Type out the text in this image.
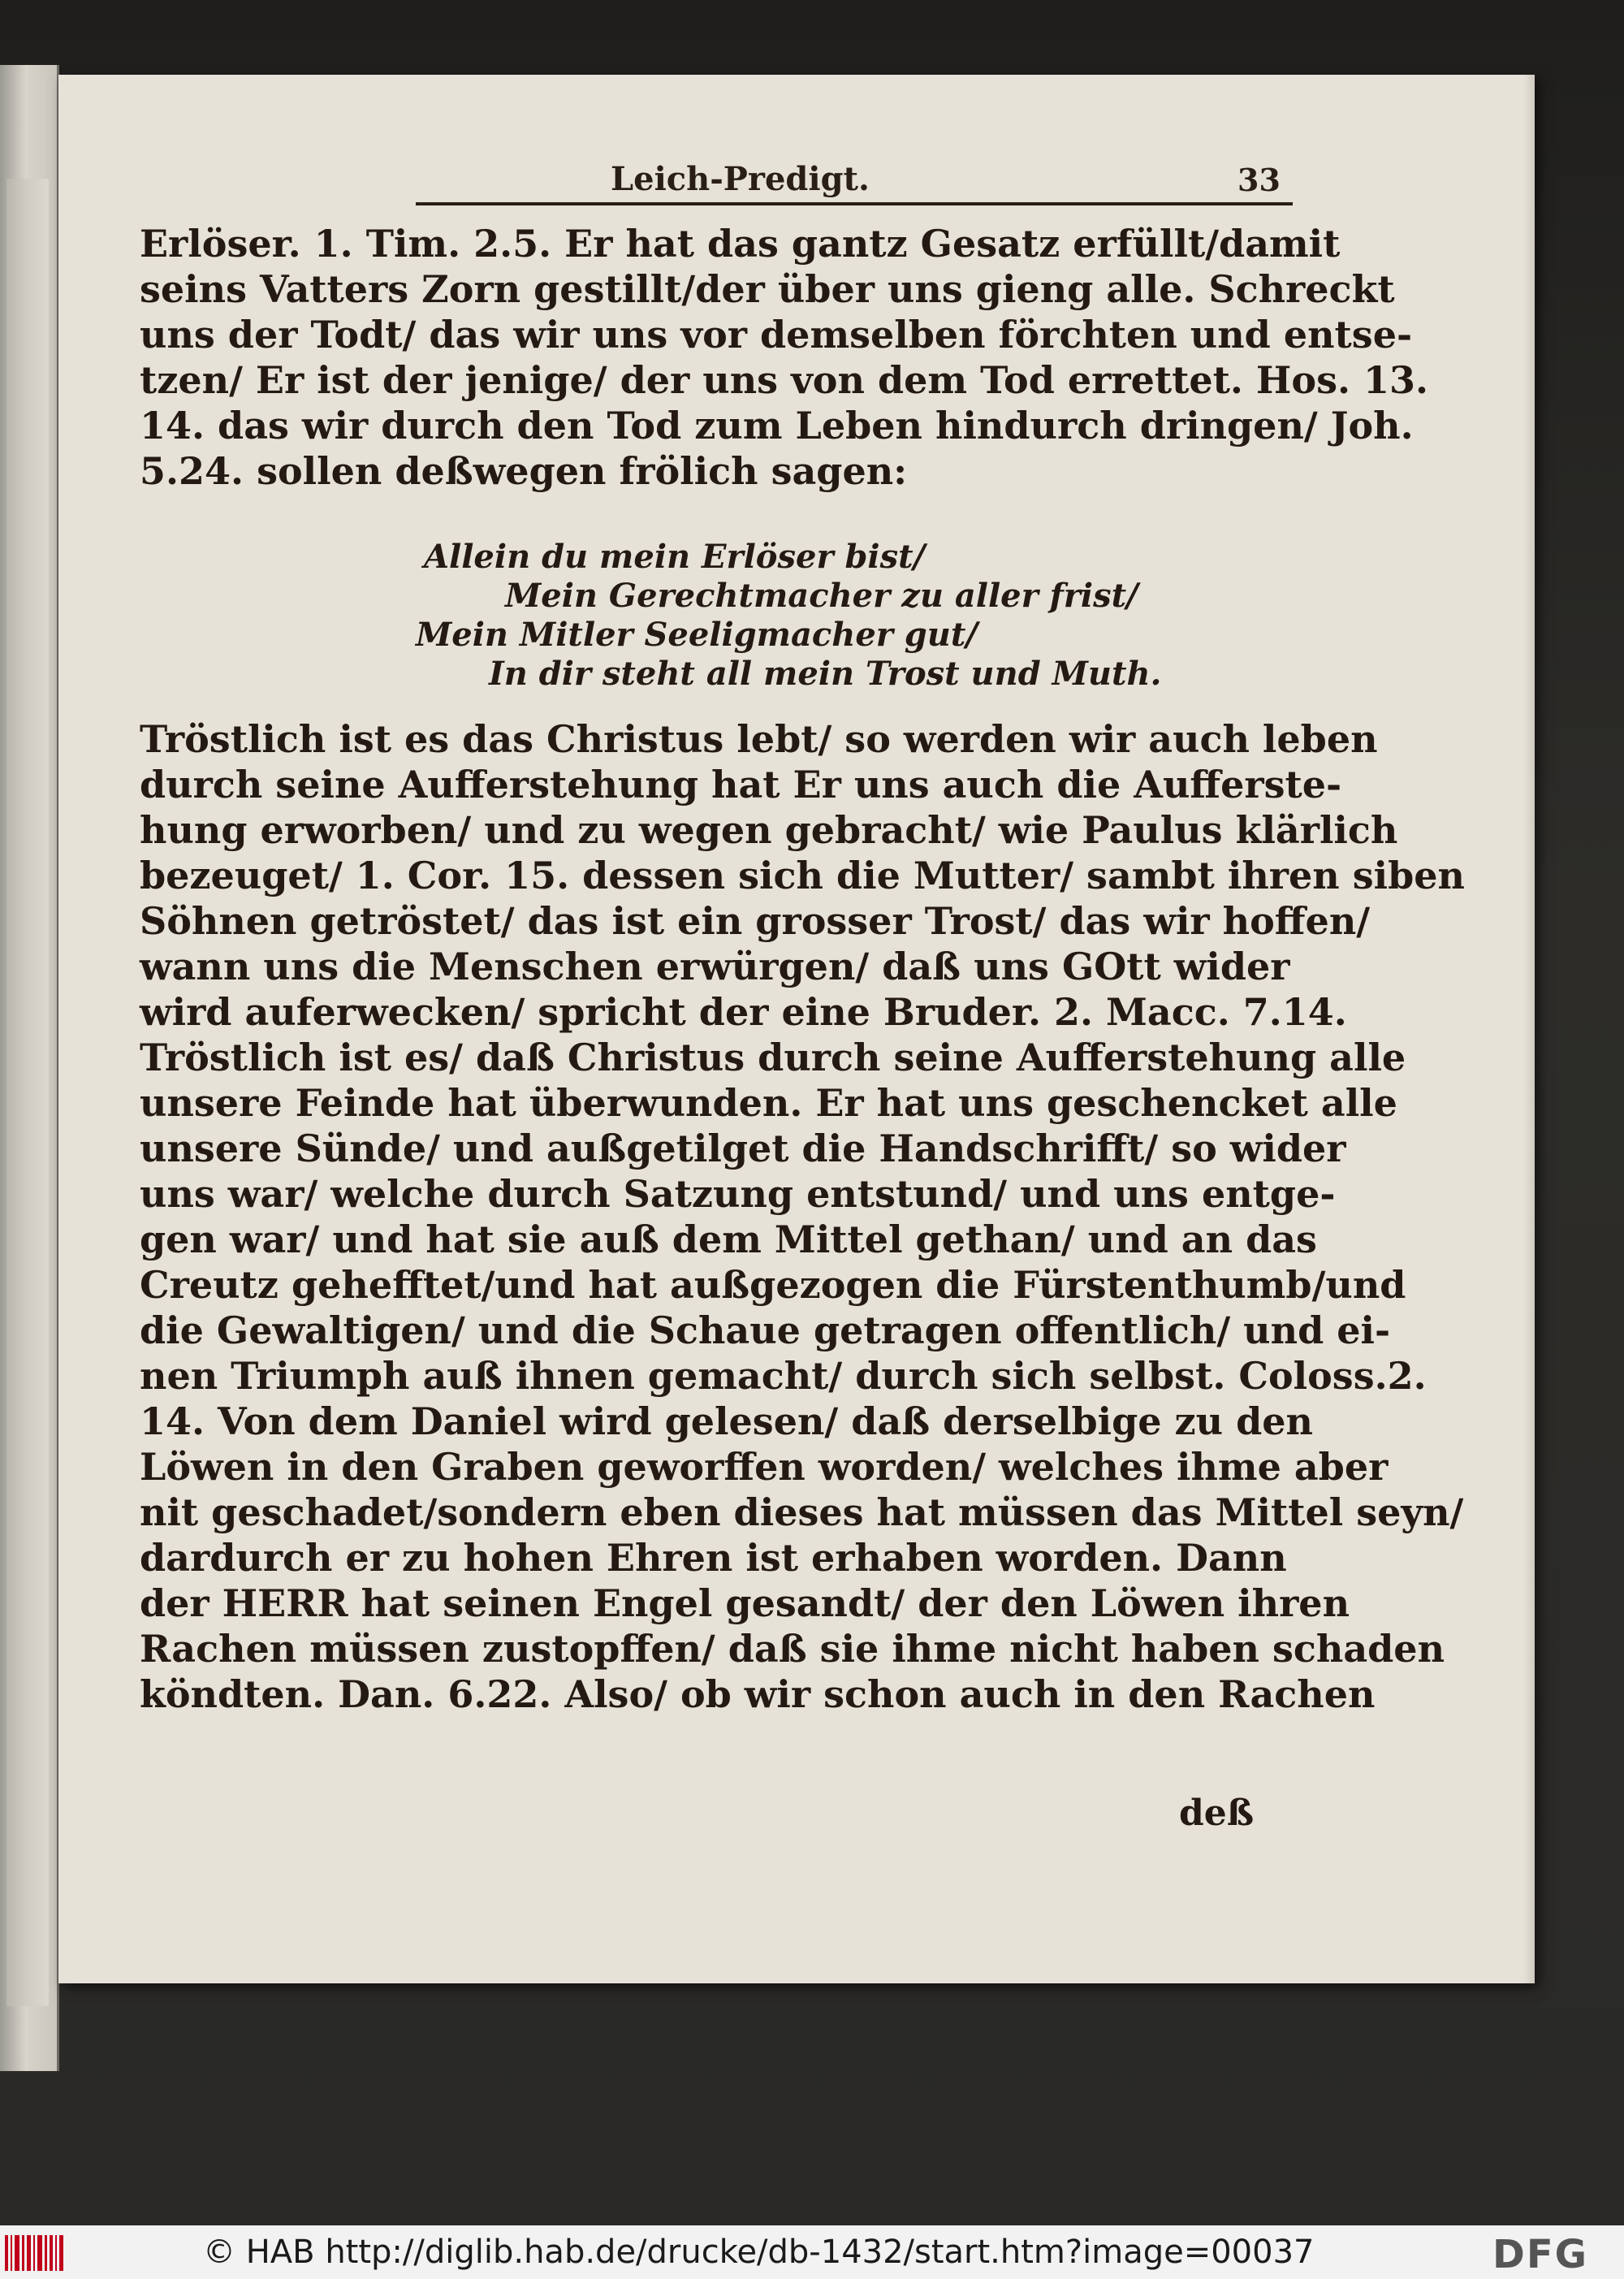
Leich-Predigt.	33
Erlöser. 1. Tim. 2.5. Er hat das gantz Gesatz erfüllt/damit
seins Vatters Zorn gestillt/der über uns gieng alle. Schreckt
uns der Todt/ das wir uns vor demselben förchten und entse-
tzen/ Er ist der jenige/ der uns von dem Tod errettet. Hos. 13.
14. das wir durch den Tod zum Leben hindurch dringen/ Joh.
5.24. sollen deßwegen frölich sagen:
Allein du mein Erlöser bist/
Mein Gerechtmacher zu aller frist/
Mein Mitler Seeligmacher gut/
In dir steht all mein Trost und Muth.
Tröstlich ist es das Christus lebt/ so werden wir auch leben
durch seine Aufferstehung hat Er uns auch die Aufferste-
hung erworben/ und zu wegen gebracht/ wie Paulus klärlich
bezeuget/ 1. Cor. 15. dessen sich die Mutter/ sambt ihren siben
Söhnen getröstet/ das ist ein grosser Trost/ das wir hoffen/
wann uns die Menschen erwürgen/ daß uns GOtt wider
wird auferwecken/ spricht der eine Bruder. 2. Macc. 7.14.
Tröstlich ist es/ daß Christus durch seine Aufferstehung alle
unsere Feinde hat überwunden. Er hat uns geschencket alle
unsere Sünde/ und außgetilget die Handschrifft/ so wider
uns war/ welche durch Satzung entstund/ und uns entge-
gen war/ und hat sie auß dem Mittel gethan/ und an das
Creutz gehefftet/und hat außgezogen die Fürstenthumb/und
die Gewaltigen/ und die Schaue getragen offentlich/ und ei-
nen Triumph auß ihnen gemacht/ durch sich selbst. Coloss.2.
14. Von dem Daniel wird gelesen/ daß derselbige zu den
Löwen in den Graben geworffen worden/ welches ihme aber
nit geschadet/sondern eben dieses hat müssen das Mittel seyn/
dardurch er zu hohen Ehren ist erhaben worden. Dann
der HERR hat seinen Engel gesandt/ der den Löwen ihren
Rachen müssen zustopffen/ daß sie ihme nicht haben schaden
köndten. Dan. 6.22. Also/ ob wir schon auch in den Rachen
deß
© HAB http://diglib.hab.de/drucke/db-1432/start.htm?image=00037	DFG
